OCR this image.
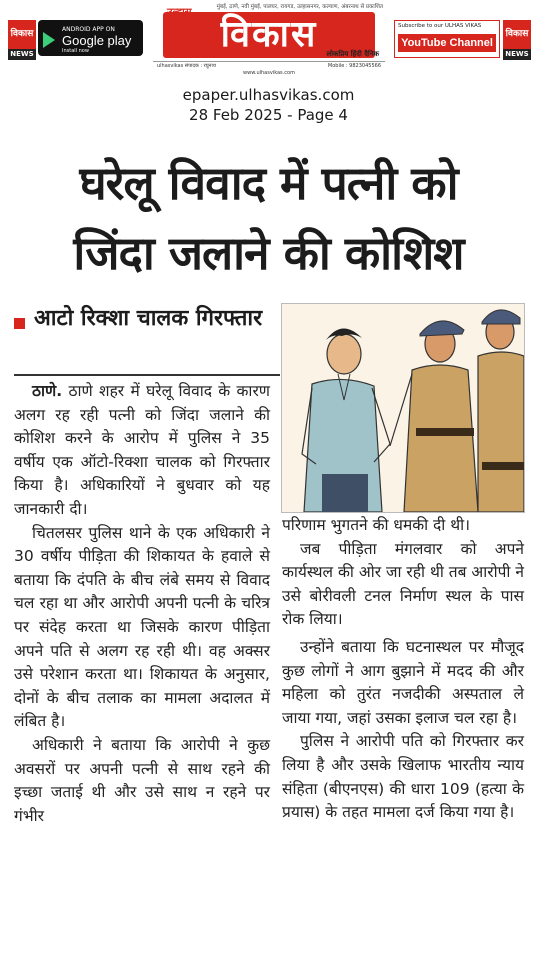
विकास
NEWS
ANDROID APP ON
Google play
Install now
मुंबई, ठाणे, नवी मुंबई, पालघर, रायगड, उल्हासनगर, कल्याण, अंबरनाथ से प्रकाशित
विकास	लोकप्रिय हिंदी दैनिक
ulhasvikas संपादक : रघुनाथ	Mobile : 9823045566
www.ulhasvikas.com
Subscribe to our ULHAS VIKAS
YouTube Channel
विकास
NEWS
epaper.ulhasvikas.com
28 Feb 2025 - Page 4
घरेलू विवाद में पत्नी को
जिंदा जलाने की कोशिश
आटो रिक्शा चालक गिरफ्तार

ठाणे. ठाणे शहर में घरेलू विवाद के कारण अलग रह रही पत्नी को जिंदा जलाने की कोशिश करने के आरोप में पुलिस ने 35 वर्षीय एक ऑटो-रिक्शा चालक को गिरफ्तार किया है। अधिकारियों ने बुधवार को यह जानकारी दी।

चितलसर पुलिस थाने के एक अधिकारी ने 30 वर्षीय पीड़िता की शिकायत के हवाले से बताया कि दंपति के बीच लंबे समय से विवाद चल रहा था और आरोपी अपनी पत्नी के चरित्र पर संदेह करता था जिसके कारण पीड़िता अपने पति से अलग रह रही थी। वह अक्सर उसे परेशान करता था। शिकायत के अनुसार, दोनों के बीच तलाक का मामला अदालत में लंबित है।

अधिकारी ने बताया कि आरोपी ने कुछ अवसरों पर अपनी पत्नी से साथ रहने की इच्छा जताई थी और उसे साथ न रहने पर गंभीर

परिणाम भुगतने की धमकी दी थी।

जब पीड़िता मंगलवार को अपने कार्यस्थल की ओर जा रही थी तब आरोपी ने उसे बोरीवली टनल निर्माण स्थल के पास रोक लिया।

उन्होंने बताया कि घटनास्थल पर मौजूद कुछ लोगों ने आग बुझाने में मदद की और महिला को तुरंत नजदीकी अस्पताल ले जाया गया, जहां उसका इलाज चल रहा है।

पुलिस ने आरोपी पति को गिरफ्तार कर लिया है और उसके खिलाफ भारतीय न्याय संहिता (बीएनएस) की धारा 109 (हत्या के प्रयास) के तहत मामला दर्ज किया गया है।
